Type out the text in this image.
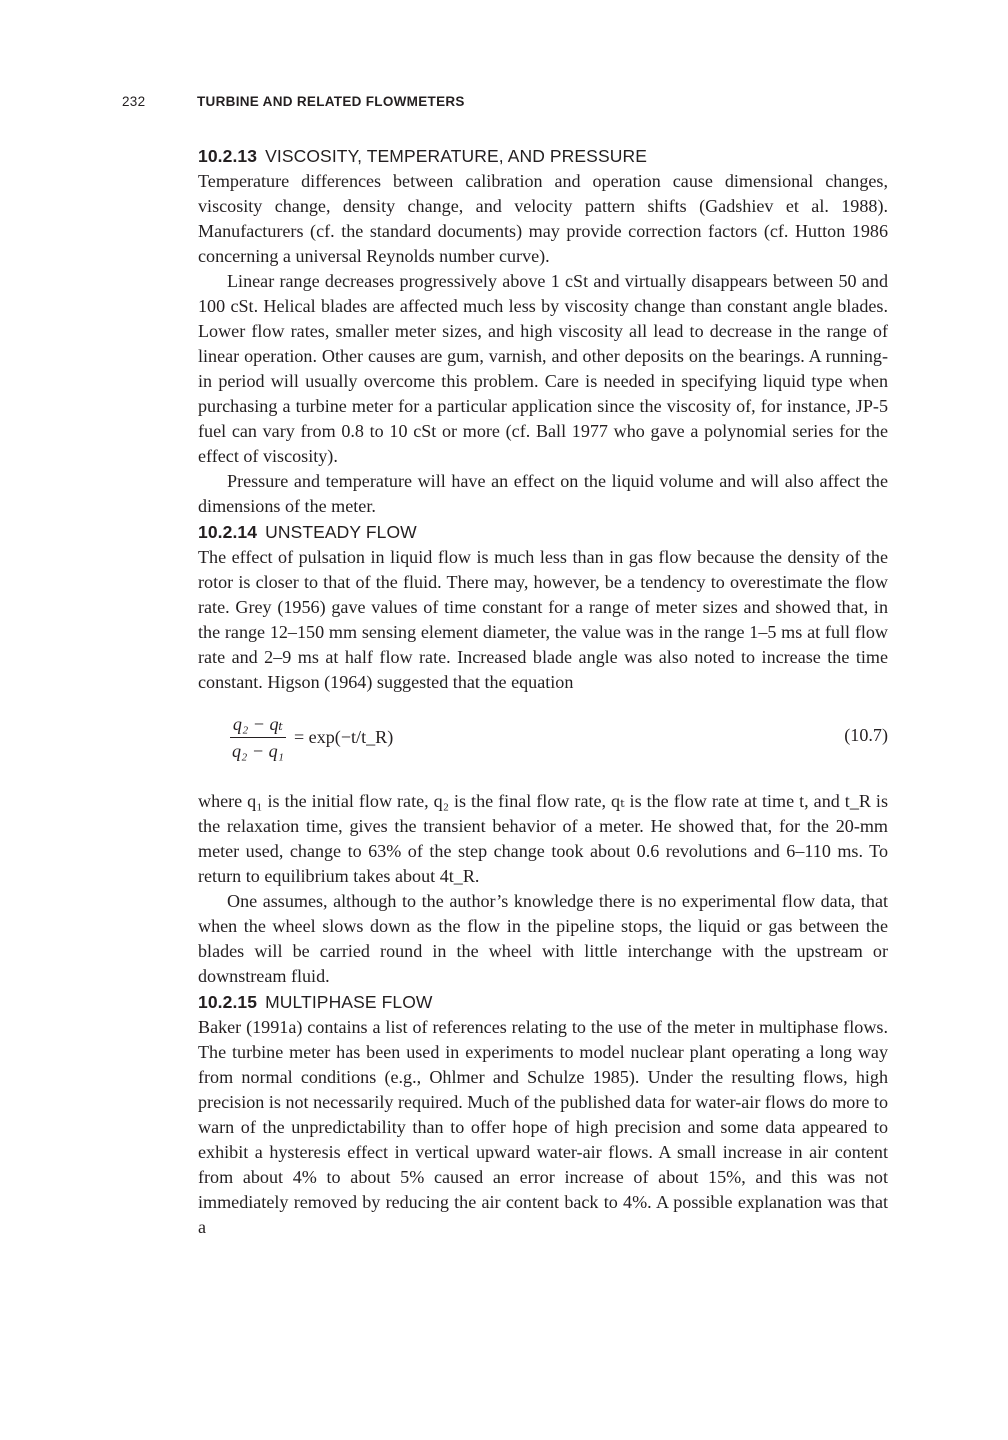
232	TURBINE AND RELATED FLOWMETERS
10.2.13 VISCOSITY, TEMPERATURE, AND PRESSURE

Temperature differences between calibration and operation cause dimensional changes, viscosity change, density change, and velocity pattern shifts (Gadshiev et al. 1988). Manufacturers (cf. the standard documents) may provide correction factors (cf. Hutton 1986 concerning a universal Reynolds number curve).

Linear range decreases progressively above 1 cSt and virtually disappears between 50 and 100 cSt. Helical blades are affected much less by viscosity change than constant angle blades. Lower flow rates, smaller meter sizes, and high viscosity all lead to decrease in the range of linear operation. Other causes are gum, varnish, and other deposits on the bearings. A running-in period will usually overcome this problem. Care is needed in specifying liquid type when purchasing a turbine meter for a particular application since the viscosity of, for instance, JP-5 fuel can vary from 0.8 to 10 cSt or more (cf. Ball 1977 who gave a polynomial series for the effect of viscosity).

Pressure and temperature will have an effect on the liquid volume and will also affect the dimensions of the meter.

10.2.14 UNSTEADY FLOW

The effect of pulsation in liquid flow is much less than in gas flow because the density of the rotor is closer to that of the fluid. There may, however, be a tendency to overestimate the flow rate. Grey (1956) gave values of time constant for a range of meter sizes and showed that, in the range 12–150 mm sensing element diameter, the value was in the range 1–5 ms at full flow rate and 2–9 ms at half flow rate. Increased blade angle was also noted to increase the time constant. Higson (1964) suggested that the equation

$\frac{\text{q₂ − qₜ}}{\text{q₂ − q₁}}$ = exp(−t/t_R)	(10.7)

where q₁ is the initial flow rate, q₂ is the final flow rate, qₜ is the flow rate at time t, and t_R is the relaxation time, gives the transient behavior of a meter. He showed that, for the 20-mm meter used, change to 63% of the step change took about 0.6 revolutions and 6–110 ms. To return to equilibrium takes about 4t_R.

One assumes, although to the author’s knowledge there is no experimental flow data, that when the wheel slows down as the flow in the pipeline stops, the liquid or gas between the blades will be carried round in the wheel with little interchange with the upstream or downstream fluid.

10.2.15 MULTIPHASE FLOW

Baker (1991a) contains a list of references relating to the use of the meter in multiphase flows. The turbine meter has been used in experiments to model nuclear plant operating a long way from normal conditions (e.g., Ohlmer and Schulze 1985). Under the resulting flows, high precision is not necessarily required. Much of the published data for water-air flows do more to warn of the unpredictability than to offer hope of high precision and some data appeared to exhibit a hysteresis effect in vertical upward water-air flows. A small increase in air content from about 4% to about 5% caused an error increase of about 15%, and this was not immediately removed by reducing the air content back to 4%. A possible explanation was that a
